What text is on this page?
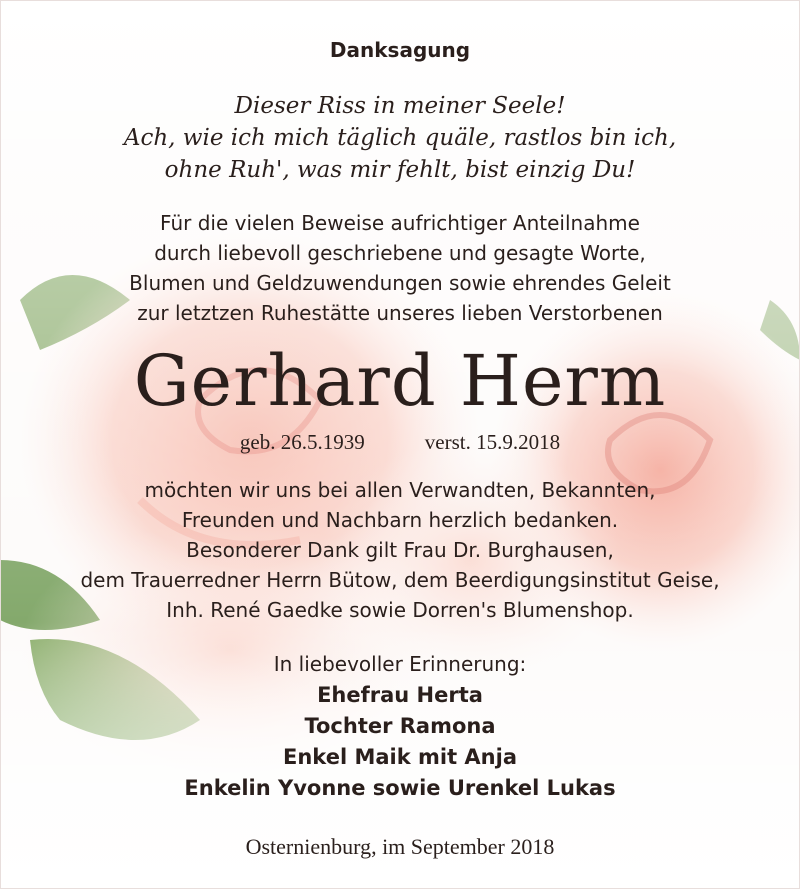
Danksagung
Dieser Riss in meiner Seele!
Ach, wie ich mich täglich quäle, rastlos bin ich,
ohne Ruh', was mir fehlt, bist einzig Du!
Für die vielen Beweise aufrichtiger Anteilnahme
durch liebevoll geschriebene und gesagte Worte,
Blumen und Geldzuwendungen sowie ehrendes Geleit
zur letztzen Ruhestätte unseres lieben Verstorbenen
Gerhard Herm
geb. 26.5.1939	verst. 15.9.2018
möchten wir uns bei allen Verwandten, Bekannten,
Freunden und Nachbarn herzlich bedanken.
Besonderer Dank gilt Frau Dr. Burghausen,
dem Trauerredner Herrn Bütow, dem Beerdigungsinstitut Geise,
Inh. René Gaedke sowie Dorren's Blumenshop.
In liebevoller Erinnerung:
Ehefrau Herta
Tochter Ramona
Enkel Maik mit Anja
Enkelin Yvonne sowie Urenkel Lukas
Osternienburg, im September 2018
